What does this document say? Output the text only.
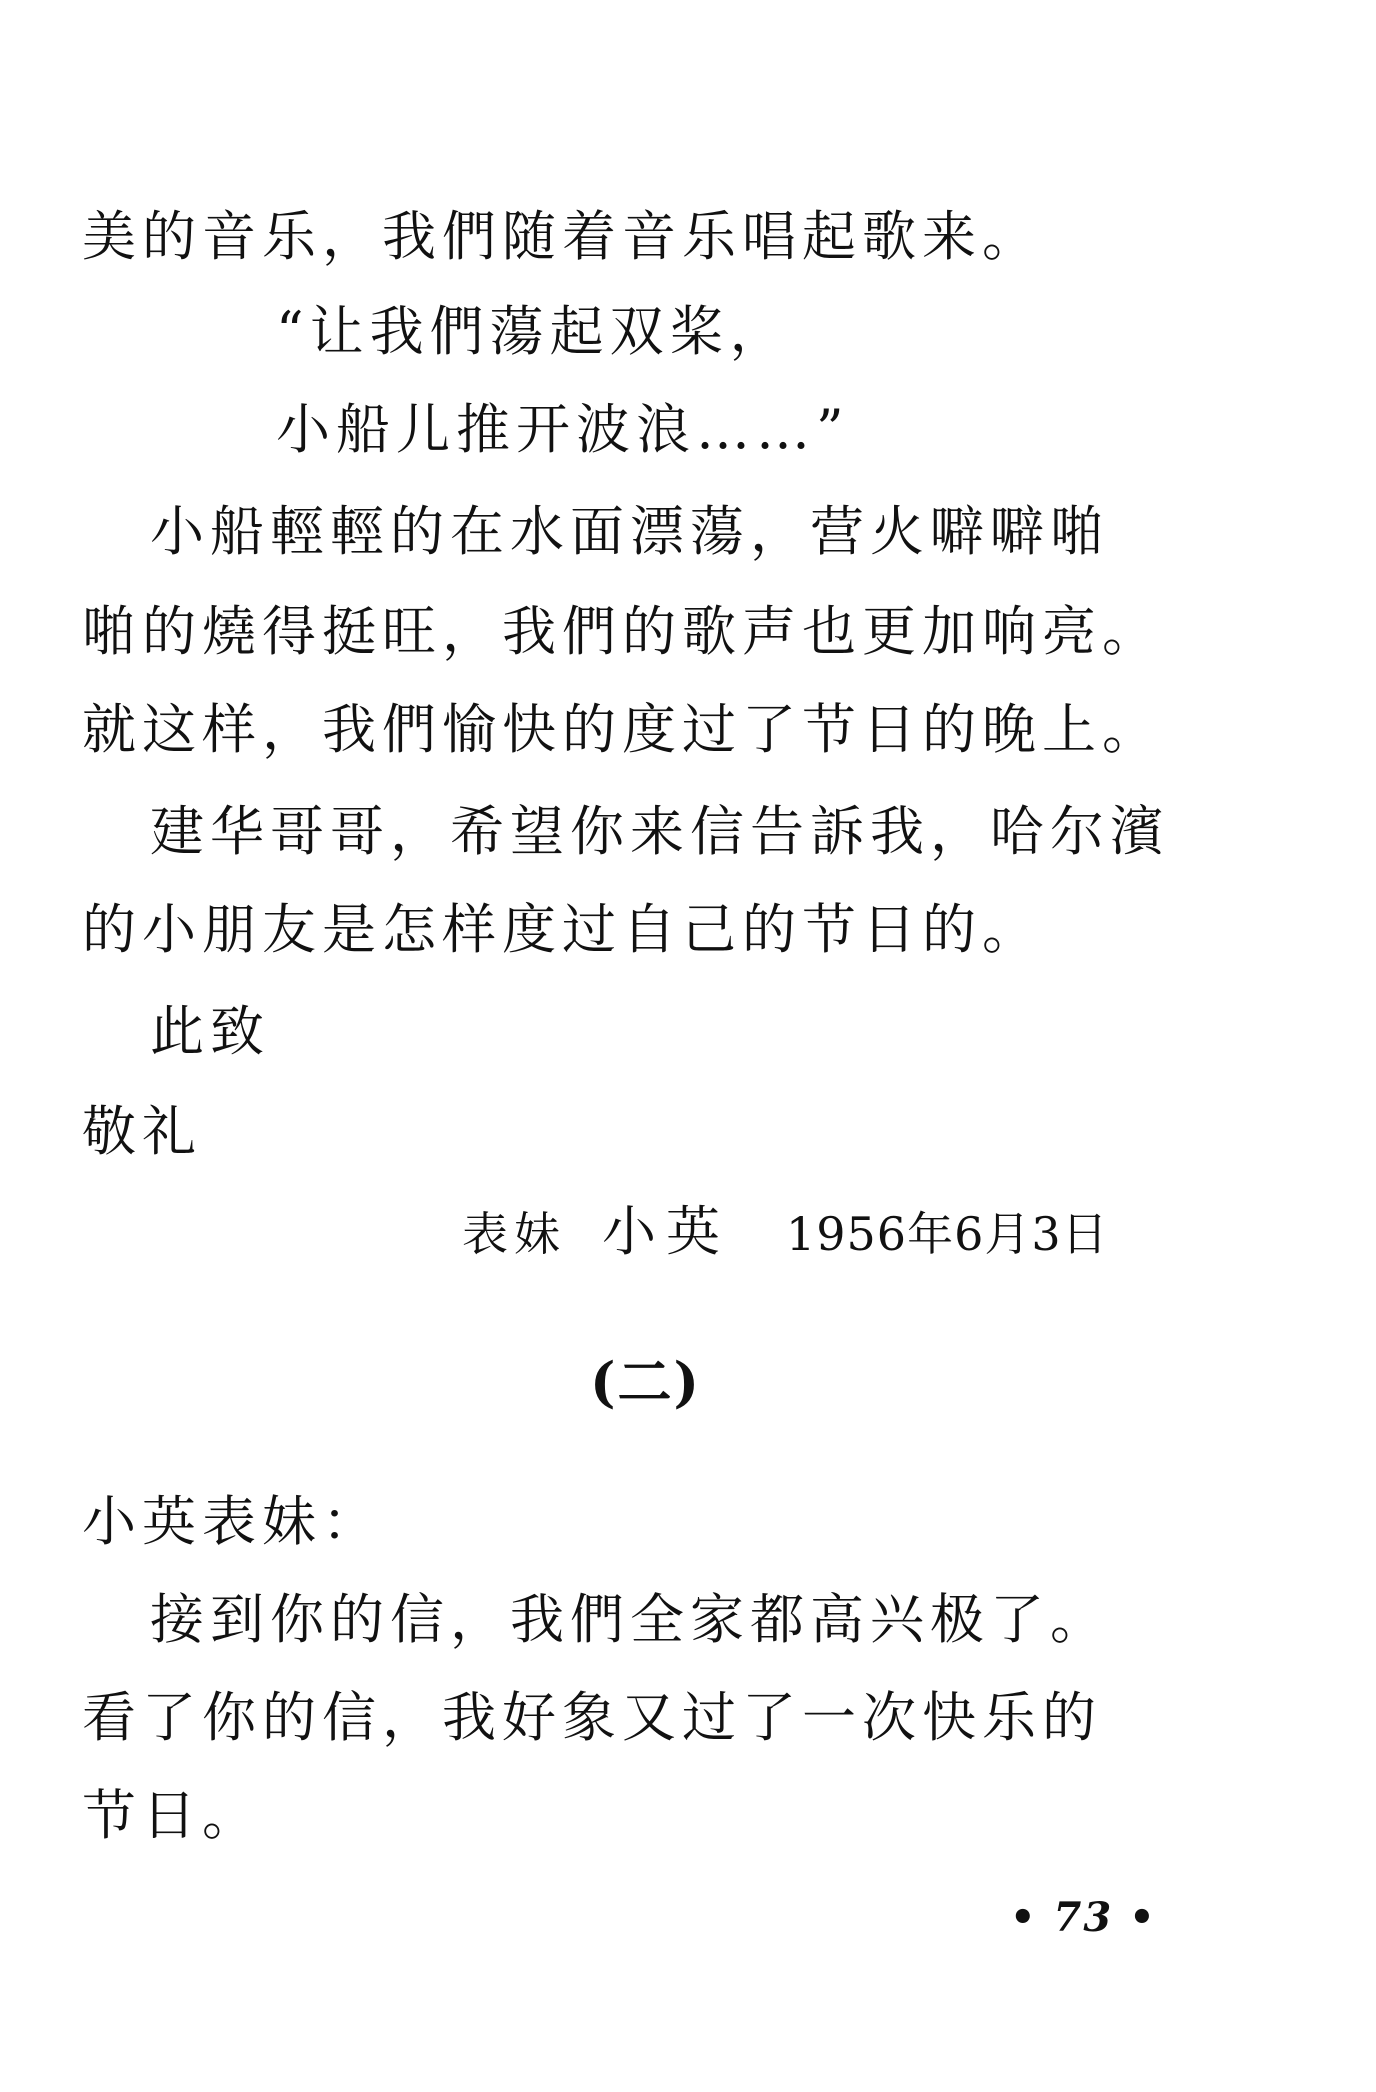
美的音乐，我們随着音乐唱起歌来。
“让我們蕩起双桨，
小船儿推开波浪……”
小船輕輕的在水面漂蕩，营火噼噼啪
啪的燒得挺旺，我們的歌声也更加响亮。
就这样，我們愉快的度过了节日的晚上。
建华哥哥，希望你来信告訴我，哈尔濱
的小朋友是怎样度过自己的节日的。
此致
敬礼
表妹 小英 1956年6月3日
(二)
小英表妹：
接到你的信，我們全家都高兴极了。
看了你的信，我好象又过了一次快乐的
节日。
• 73 •
